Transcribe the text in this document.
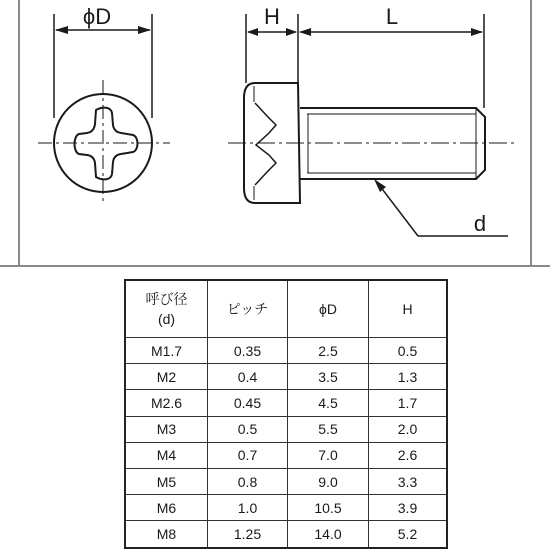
ϕD	H	L
d
呼び径
(d)	ピッチ	ϕD	H
M1.7	0.35	2.5	0.5
M2	0.4	3.5	1.3
M2.6	0.45	4.5	1.7
M3	0.5	5.5	2.0
M4	0.7	7.0	2.6
M5	0.8	9.0	3.3
M6	1.0	10.5	3.9
M8	1.25	14.0	5.2
